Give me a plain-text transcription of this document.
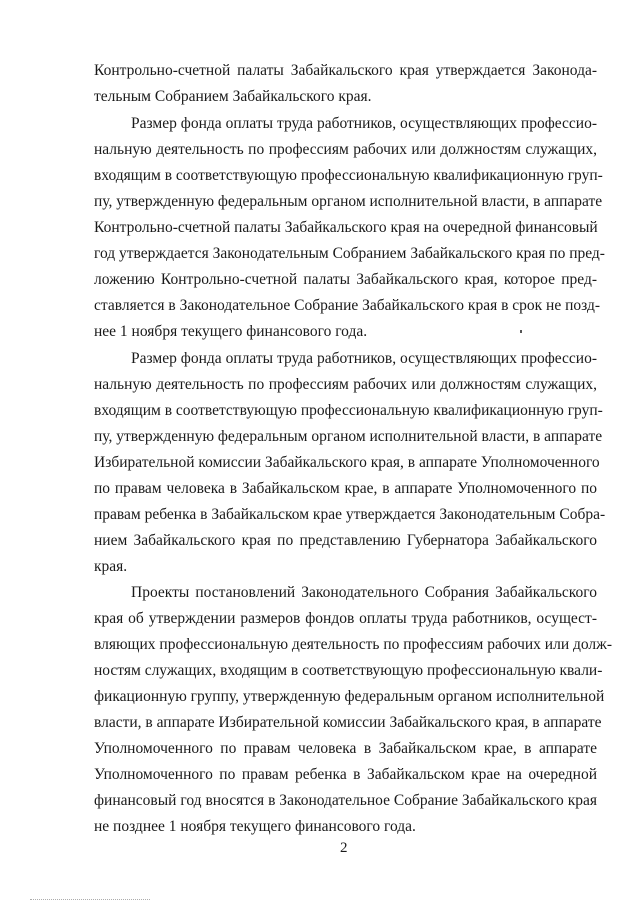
Контрольно-счетной палаты Забайкальского края утверждается Законода-
тельным Собранием Забайкальского края.
Размер фонда оплаты труда работников, осуществляющих профессио-
нальную деятельность по профессиям рабочих или должностям служащих,
входящим в соответствующую профессиональную квалификационную груп-
пу, утвержденную федеральным органом исполнительной власти, в аппарате
Контрольно-счетной палаты Забайкальского края на очередной финансовый
год утверждается Законодательным Собранием Забайкальского края по пред-
ложению Контрольно-счетной палаты Забайкальского края, которое пред-
ставляется в Законодательное Собрание Забайкальского края в срок не позд-
нее 1 ноября текущего финансового года.
Размер фонда оплаты труда работников, осуществляющих профессио-
нальную деятельность по профессиям рабочих или должностям служащих,
входящим в соответствующую профессиональную квалификационную груп-
пу, утвержденную федеральным органом исполнительной власти, в аппарате
Избирательной комиссии Забайкальского края, в аппарате Уполномоченного
по правам человека в Забайкальском крае, в аппарате Уполномоченного по
правам ребенка в Забайкальском крае утверждается Законодательным Собра-
нием Забайкальского края по представлению Губернатора Забайкальского
края.
Проекты постановлений Законодательного Собрания Забайкальского
края об утверждении размеров фондов оплаты труда работников, осущест-
вляющих профессиональную деятельность по профессиям рабочих или долж-
ностям служащих, входящим в соответствующую профессиональную квали-
фикационную группу, утвержденную федеральным органом исполнительной
власти, в аппарате Избирательной комиссии Забайкальского края, в аппарате
Уполномоченного по правам человека в Забайкальском крае, в аппарате
Уполномоченного по правам ребенка в Забайкальском крае на очередной
финансовый год вносятся в Законодательное Собрание Забайкальского края
не позднее 1 ноября текущего финансового года.
2
